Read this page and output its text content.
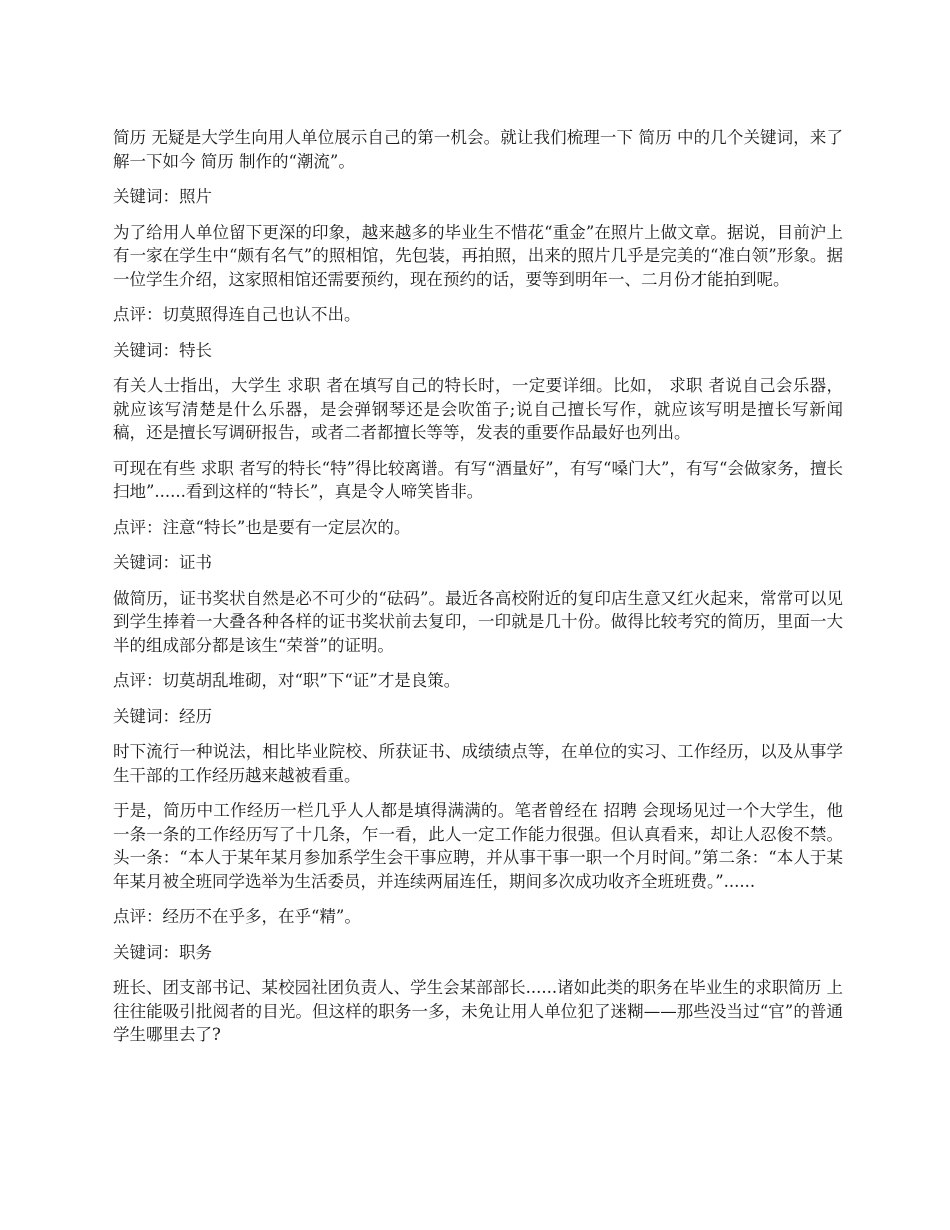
简历 无疑是大学生向用人单位展示自己的第一机会。就让我们梳理一下 简历 中的几个关键词，来了解一下如今 简历 制作的“潮流”。

关键词：照片

为了给用人单位留下更深的印象，越来越多的毕业生不惜花“重金”在照片上做文章。据说，目前沪上有一家在学生中“颇有名气”的照相馆，先包装，再拍照，出来的照片几乎是完美的“准白领”形象。据一位学生介绍，这家照相馆还需要预约，现在预约的话，要等到明年一、二月份才能拍到呢。

点评：切莫照得连自己也认不出。

关键词：特长

有关人士指出，大学生 求职 者在填写自己的特长时，一定要详细。比如， 求职 者说自己会乐器，就应该写清楚是什么乐器，是会弹钢琴还是会吹笛子;说自己擅长写作，就应该写明是擅长写新闻稿，还是擅长写调研报告，或者二者都擅长等等，发表的重要作品最好也列出。

可现在有些 求职 者写的特长“特”得比较离谱。有写“酒量好”，有写“嗓门大”，有写“会做家务，擅长扫地”......看到这样的“特长”，真是令人啼笑皆非。

点评：注意“特长”也是要有一定层次的。

关键词：证书

做简历，证书奖状自然是必不可少的“砝码”。最近各高校附近的复印店生意又红火起来，常常可以见到学生捧着一大叠各种各样的证书奖状前去复印，一印就是几十份。做得比较考究的简历，里面一大半的组成部分都是该生“荣誉”的证明。

点评：切莫胡乱堆砌，对“职”下“证”才是良策。

关键词：经历

时下流行一种说法，相比毕业院校、所获证书、成绩绩点等，在单位的实习、工作经历，以及从事学生干部的工作经历越来越被看重。

于是，简历中工作经历一栏几乎人人都是填得满满的。笔者曾经在 招聘 会现场见过一个大学生，他一条一条的工作经历写了十几条，乍一看，此人一定工作能力很强。但认真看来，却让人忍俊不禁。头一条：“本人于某年某月参加系学生会干事应聘，并从事干事一职一个月时间。”第二条：“本人于某年某月被全班同学选举为生活委员，并连续两届连任，期间多次成功收齐全班班费。”......

点评：经历不在乎多，在乎“精”。

关键词：职务

班长、团支部书记、某校园社团负责人、学生会某部部长......诸如此类的职务在毕业生的求职简历 上往往能吸引批阅者的目光。但这样的职务一多，未免让用人单位犯了迷糊——那些没当过“官”的普通学生哪里去了?
